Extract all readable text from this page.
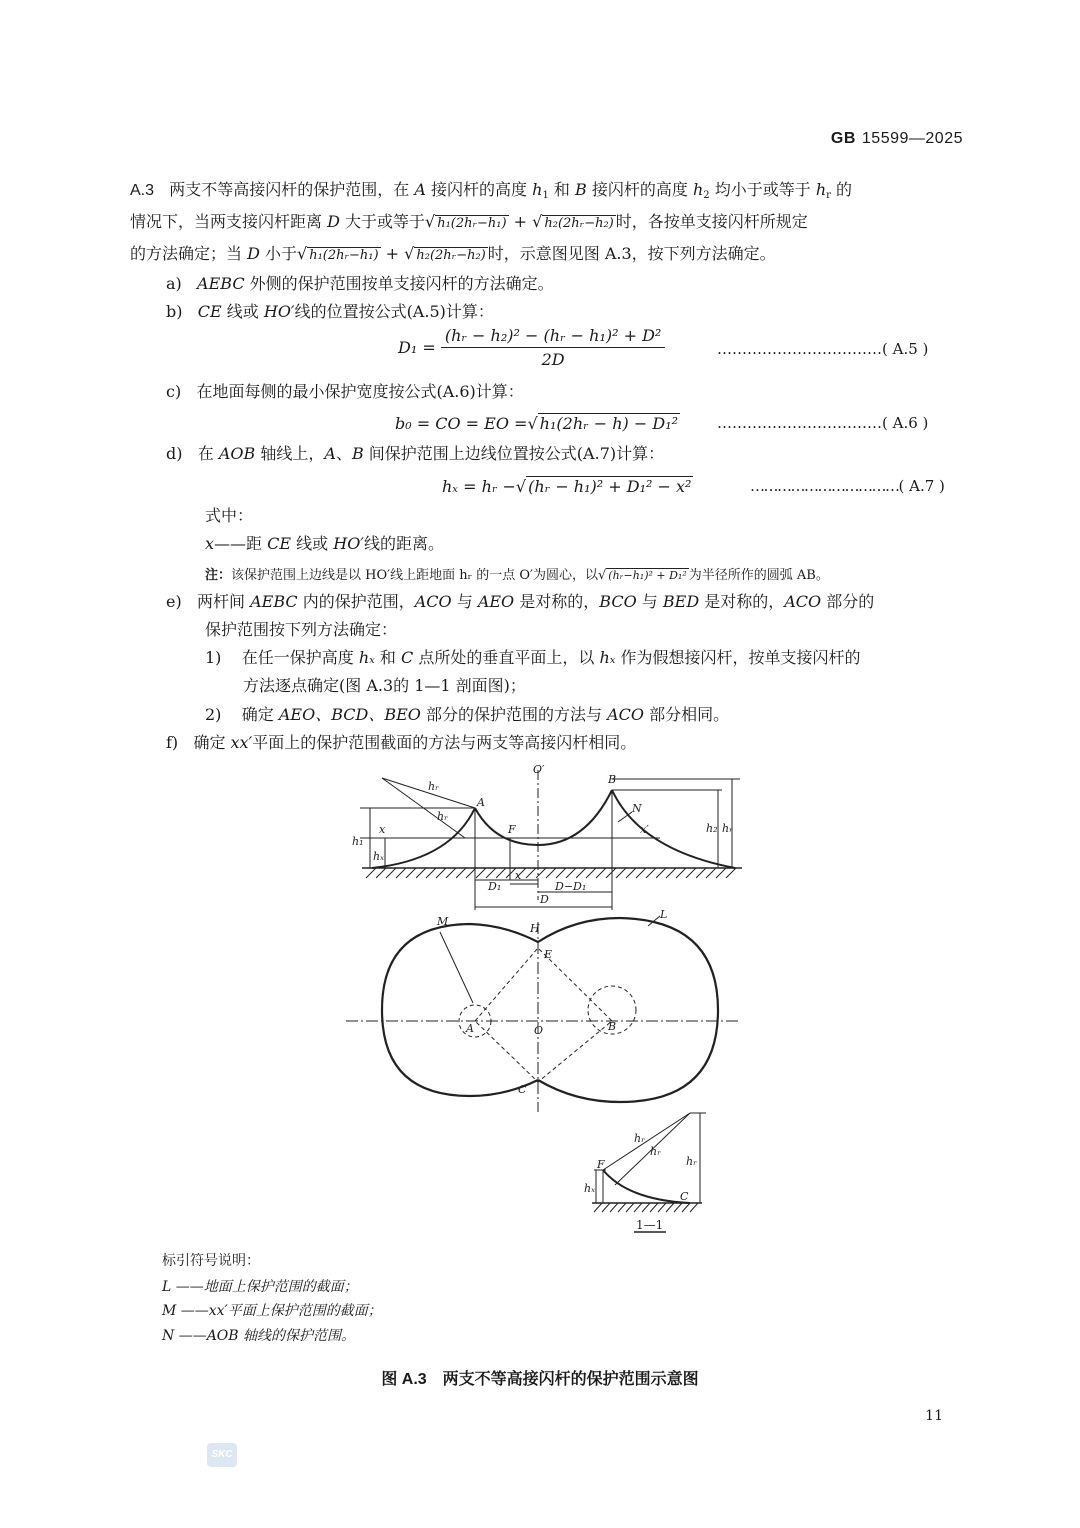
GB 15599—2025
A.3 两支不等高接闪杆的保护范围，在 A 接闪杆的高度 $h_1$ 和 B 接闪杆的高度 $h_2$ 均小于或等于 $h_r$ 的
情况下，当两支接闪杆距离 D 大于或等于√ h₁(2hᵣ−h₁) + √ h₂(2hᵣ−h₂) 时，各按单支接闪杆所规定
的方法确定；当 D 小于√ h₁(2hᵣ−h₁) + √ h₂(2hᵣ−h₂) 时，示意图见图 A.3，按下列方法确定。
a) AEBC 外侧的保护范围按单支接闪杆的方法确定。
b) CE 线或 HO′线的位置按公式(A.5)计算：
$D_1 = \frac{\text{(hᵣ − h₂)² − (hᵣ − h₁)² + D²}}{2D}$	……………………………( A.5 )
c) 在地面每侧的最小保护宽度按公式(A.6)计算：
b₀ = CO = EO =√ h₁(2hᵣ − h) − D₁²	……………………………( A.6 )
d) 在 AOB 轴线上，A、B 间保护范围上边线位置按公式(A.7)计算：
hₓ = hᵣ −√ (hᵣ − h₁)² + D₁² − x²	……………………………( A.7 )
式中：
x——距 CE 线或 HO′线的距离。
注：该保护范围上边线是以 HO′线上距地面 hᵣ 的一点 O′为圆心，以√ (hᵣ−h₁)² + D₁² 为半径所作的圆弧 AB。
e) 两杆间 AEBC 内的保护范围，ACO 与 AEO 是对称的，BCO 与 BED 是对称的，ACO 部分的
保护范围按下列方法确定：
1) 在任一保护高度 hₓ 和 C 点所处的垂直平面上，以 hₓ 作为假想接闪杆，按单支接闪杆的
方法逐点确定(图 A.3的 1—1 剖面图)；
2) 确定 AEO、BCD、BEO 部分的保护范围的方法与 ACO 部分相同。
f) 确定 xx′平面上的保护范围截面的方法与两支等高接闪杆相同。
O′
A
B
N
F
x	x′
h₁
hₓ
hᵣ
hᵣ
h₂ hᵣ
D₁
x
D−D₁
D
M
H
L
E
A	O	B
C
F
hₓ
hᵣ
hᵣ
hᵣ
C
1—1
标引符号说明：
L ——地面上保护范围的截面；
M ——xx′平面上保护范围的截面；
N ——AOB 轴线的保护范围。
图 A.3　两支不等高接闪杆的保护范围示意图
11
SKC
